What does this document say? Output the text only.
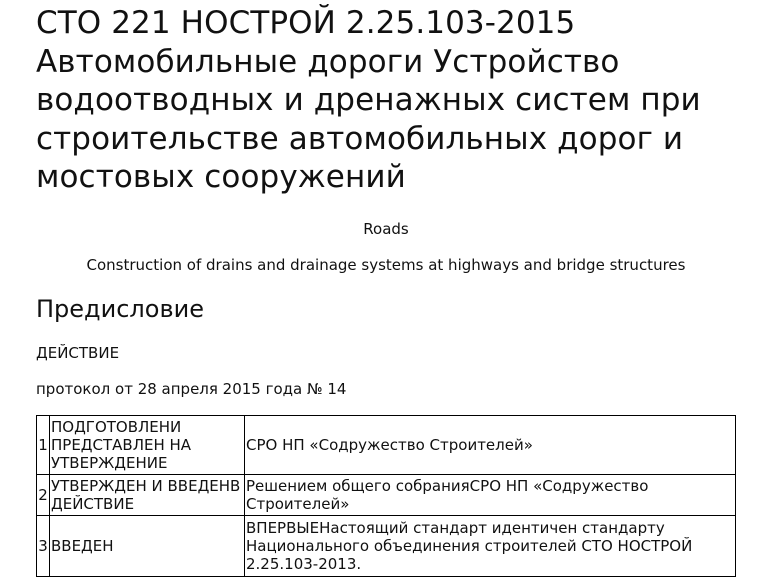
СТО 221 НОСТРОЙ 2.25.103-2015 Автомобильные дороги Устройство водоотводных и дренажных систем при строительстве автомобильных дорог и мостовых сооружений
Roads
Construction of drains and drainage systems at highways and bridge structures
Предисловие
ДЕЙСТВИЕ
протокол от 28 апреля 2015 года № 14
1	ПОДГОТОВЛЕНИ ПРЕДСТАВЛЕН НА УТВЕРЖДЕНИЕ	СРО НП «Содружество Строителей»
2	УТВЕРЖДЕН И ВВЕДЕНВ ДЕЙСТВИЕ	Решением общего собранияСРО НП «Содружество Строителей»
3	ВВЕДЕН	ВПЕРВЫЕНастоящий стандарт идентичен стандарту Национального объединения строителей СТО НОСТРОЙ 2.25.103-2013.
